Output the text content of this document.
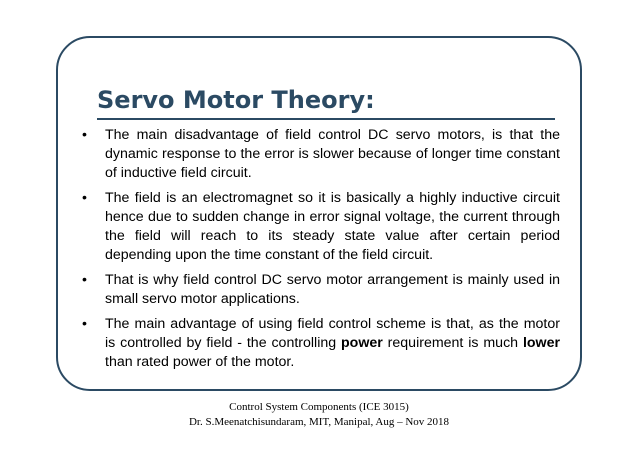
Servo Motor Theory:
•	The main disadvantage of field control DC servo motors, is that the dynamic response to the error is slower because of longer time constant of inductive field circuit.
•	The field is an electromagnet so it is basically a highly inductive circuit hence due to sudden change in error signal voltage, the current through the field will reach to its steady state value after certain period depending upon the time constant of the field circuit.
•	That is why field control DC servo motor arrangement is mainly used in small servo motor applications.
•	The main advantage of using field control scheme is that, as the motor is controlled by field - the controlling power requirement is much lower than rated power of the motor.
Control System Components (ICE 3015)
Dr. S.Meenatchisundaram, MIT, Manipal, Aug – Nov 2018
